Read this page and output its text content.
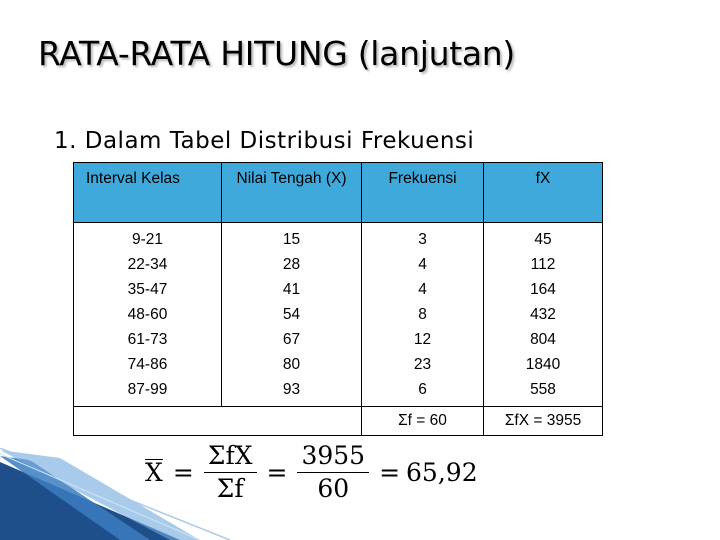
RATA-RATA HITUNG (lanjutan)
1. Dalam Tabel Distribusi Frekuensi
Interval Kelas	Nilai Tengah (X)	Frekuensi	fX
9-21	15	3	45
22-34	28	4	112
35-47	41	4	164
48-60	54	8	432
61-73	67	12	804
74-86	80	23	1840
87-99	93	6	558
		Σf = 60	ΣfX = 3955
$X = \frac{\text{ΣfX}}{\Sigma f} = \frac{3955}{60} = 65,92$
